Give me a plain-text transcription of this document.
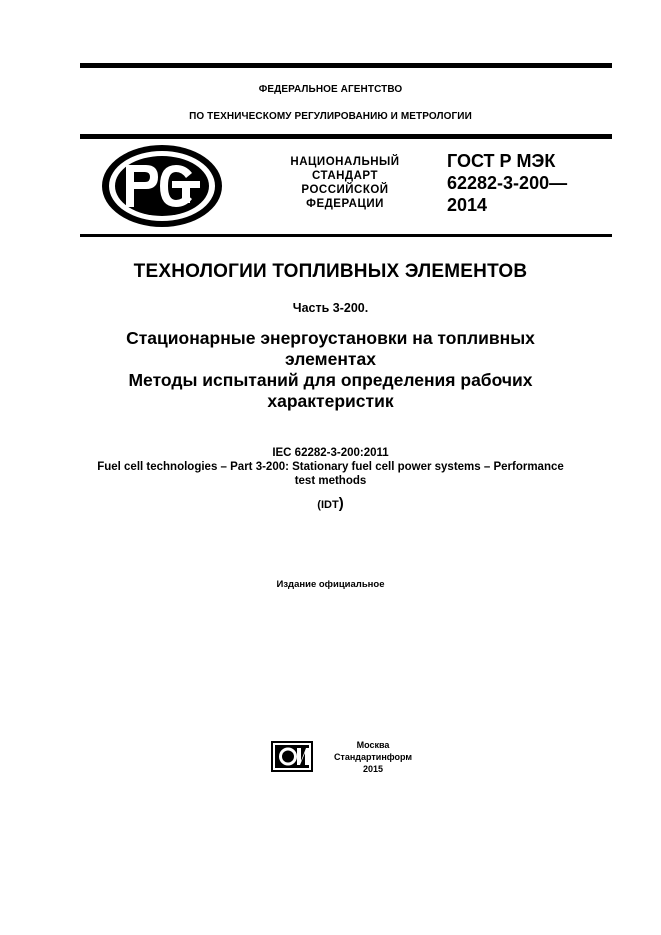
ФЕДЕРАЛЬНОЕ АГЕНТСТВО
ПО ТЕХНИЧЕСКОМУ РЕГУЛИРОВАНИЮ И МЕТРОЛОГИИ
НАЦИОНАЛЬНЫЙ
СТАНДАРТ
РОССИЙСКОЙ
ФЕДЕРАЦИИ
ГОСТ Р МЭК
62282-3-200—
2014
ТЕХНОЛОГИИ ТОПЛИВНЫХ ЭЛЕМЕНТОВ
Часть 3-200.
Стационарные энергоустановки на топливных
элементах
Методы испытаний для определения рабочих
характеристик
IEC 62282-3-200:2011
Fuel cell technologies – Part 3-200: Stationary fuel cell power systems – Performance
test methods
(IDT)
Издание официальное
Москва
Стандартинформ
2015
